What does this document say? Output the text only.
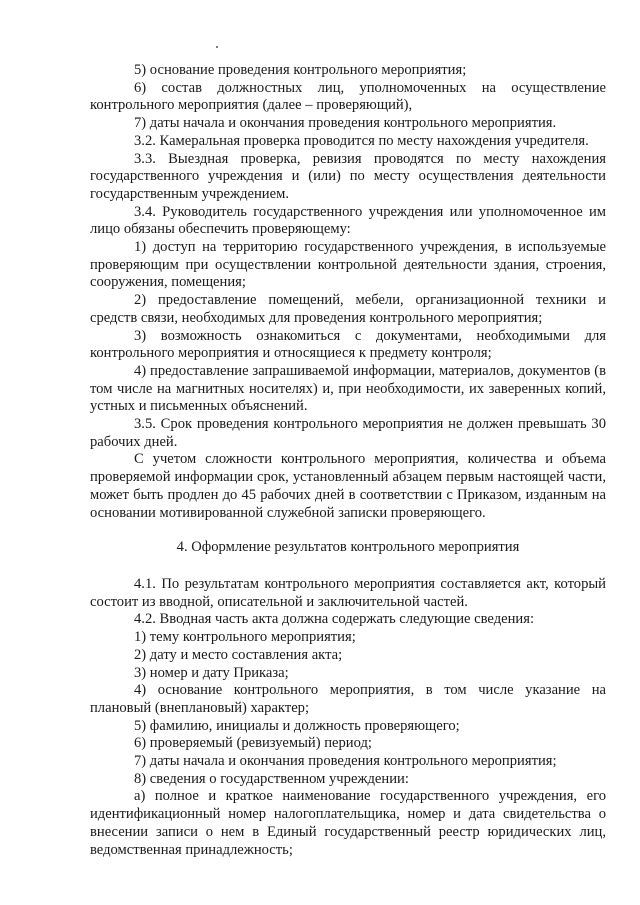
5) основание проведения контрольного мероприятия;

6) состав должностных лиц, уполномоченных на осуществление контрольного мероприятия (далее – проверяющий),

7) даты начала и окончания проведения контрольного мероприятия.

3.2. Камеральная проверка проводится по месту нахождения учредителя.

3.3. Выездная проверка, ревизия проводятся по месту нахождения государственного учреждения и (или) по месту осуществления деятельности государственным учреждением.

3.4. Руководитель государственного учреждения или уполномоченное им лицо обязаны обеспечить проверяющему:

1) доступ на территорию государственного учреждения, в используемые проверяющим при осуществлении контрольной деятельности здания, строения, сооружения, помещения;

2) предоставление помещений, мебели, организационной техники и средств связи, необходимых для проведения контрольного мероприятия;

3) возможность ознакомиться с документами, необходимыми для контрольного мероприятия и относящиеся к предмету контроля;

4) предоставление запрашиваемой информации, материалов, документов (в том числе на магнитных носителях) и, при необходимости, их заверенных копий, устных и письменных объяснений.

3.5. Срок проведения контрольного мероприятия не должен превышать 30 рабочих дней.

С учетом сложности контрольного мероприятия, количества и объема проверяемой информации срок, установленный абзацем первым настоящей части, может быть продлен до 45 рабочих дней в соответствии с Приказом, изданным на основании мотивированной служебной записки проверяющего.

4. Оформление результатов контрольного мероприятия

4.1. По результатам контрольного мероприятия составляется акт, который состоит из вводной, описательной и заключительной частей.

4.2. Вводная часть акта должна содержать следующие сведения:

1) тему контрольного мероприятия;

2) дату и место составления акта;

3) номер и дату Приказа;

4) основание контрольного мероприятия, в том числе указание на плановый (внеплановый) характер;

5) фамилию, инициалы и должность проверяющего;

6) проверяемый (ревизуемый) период;

7) даты начала и окончания проведения контрольного мероприятия;

8) сведения о государственном учреждении:

а) полное и краткое наименование государственного учреждения, его идентификационный номер налогоплательщика, номер и дата свидетельства о внесении записи о нем в Единый государственный реестр юридических лиц, ведомственная принадлежность;
